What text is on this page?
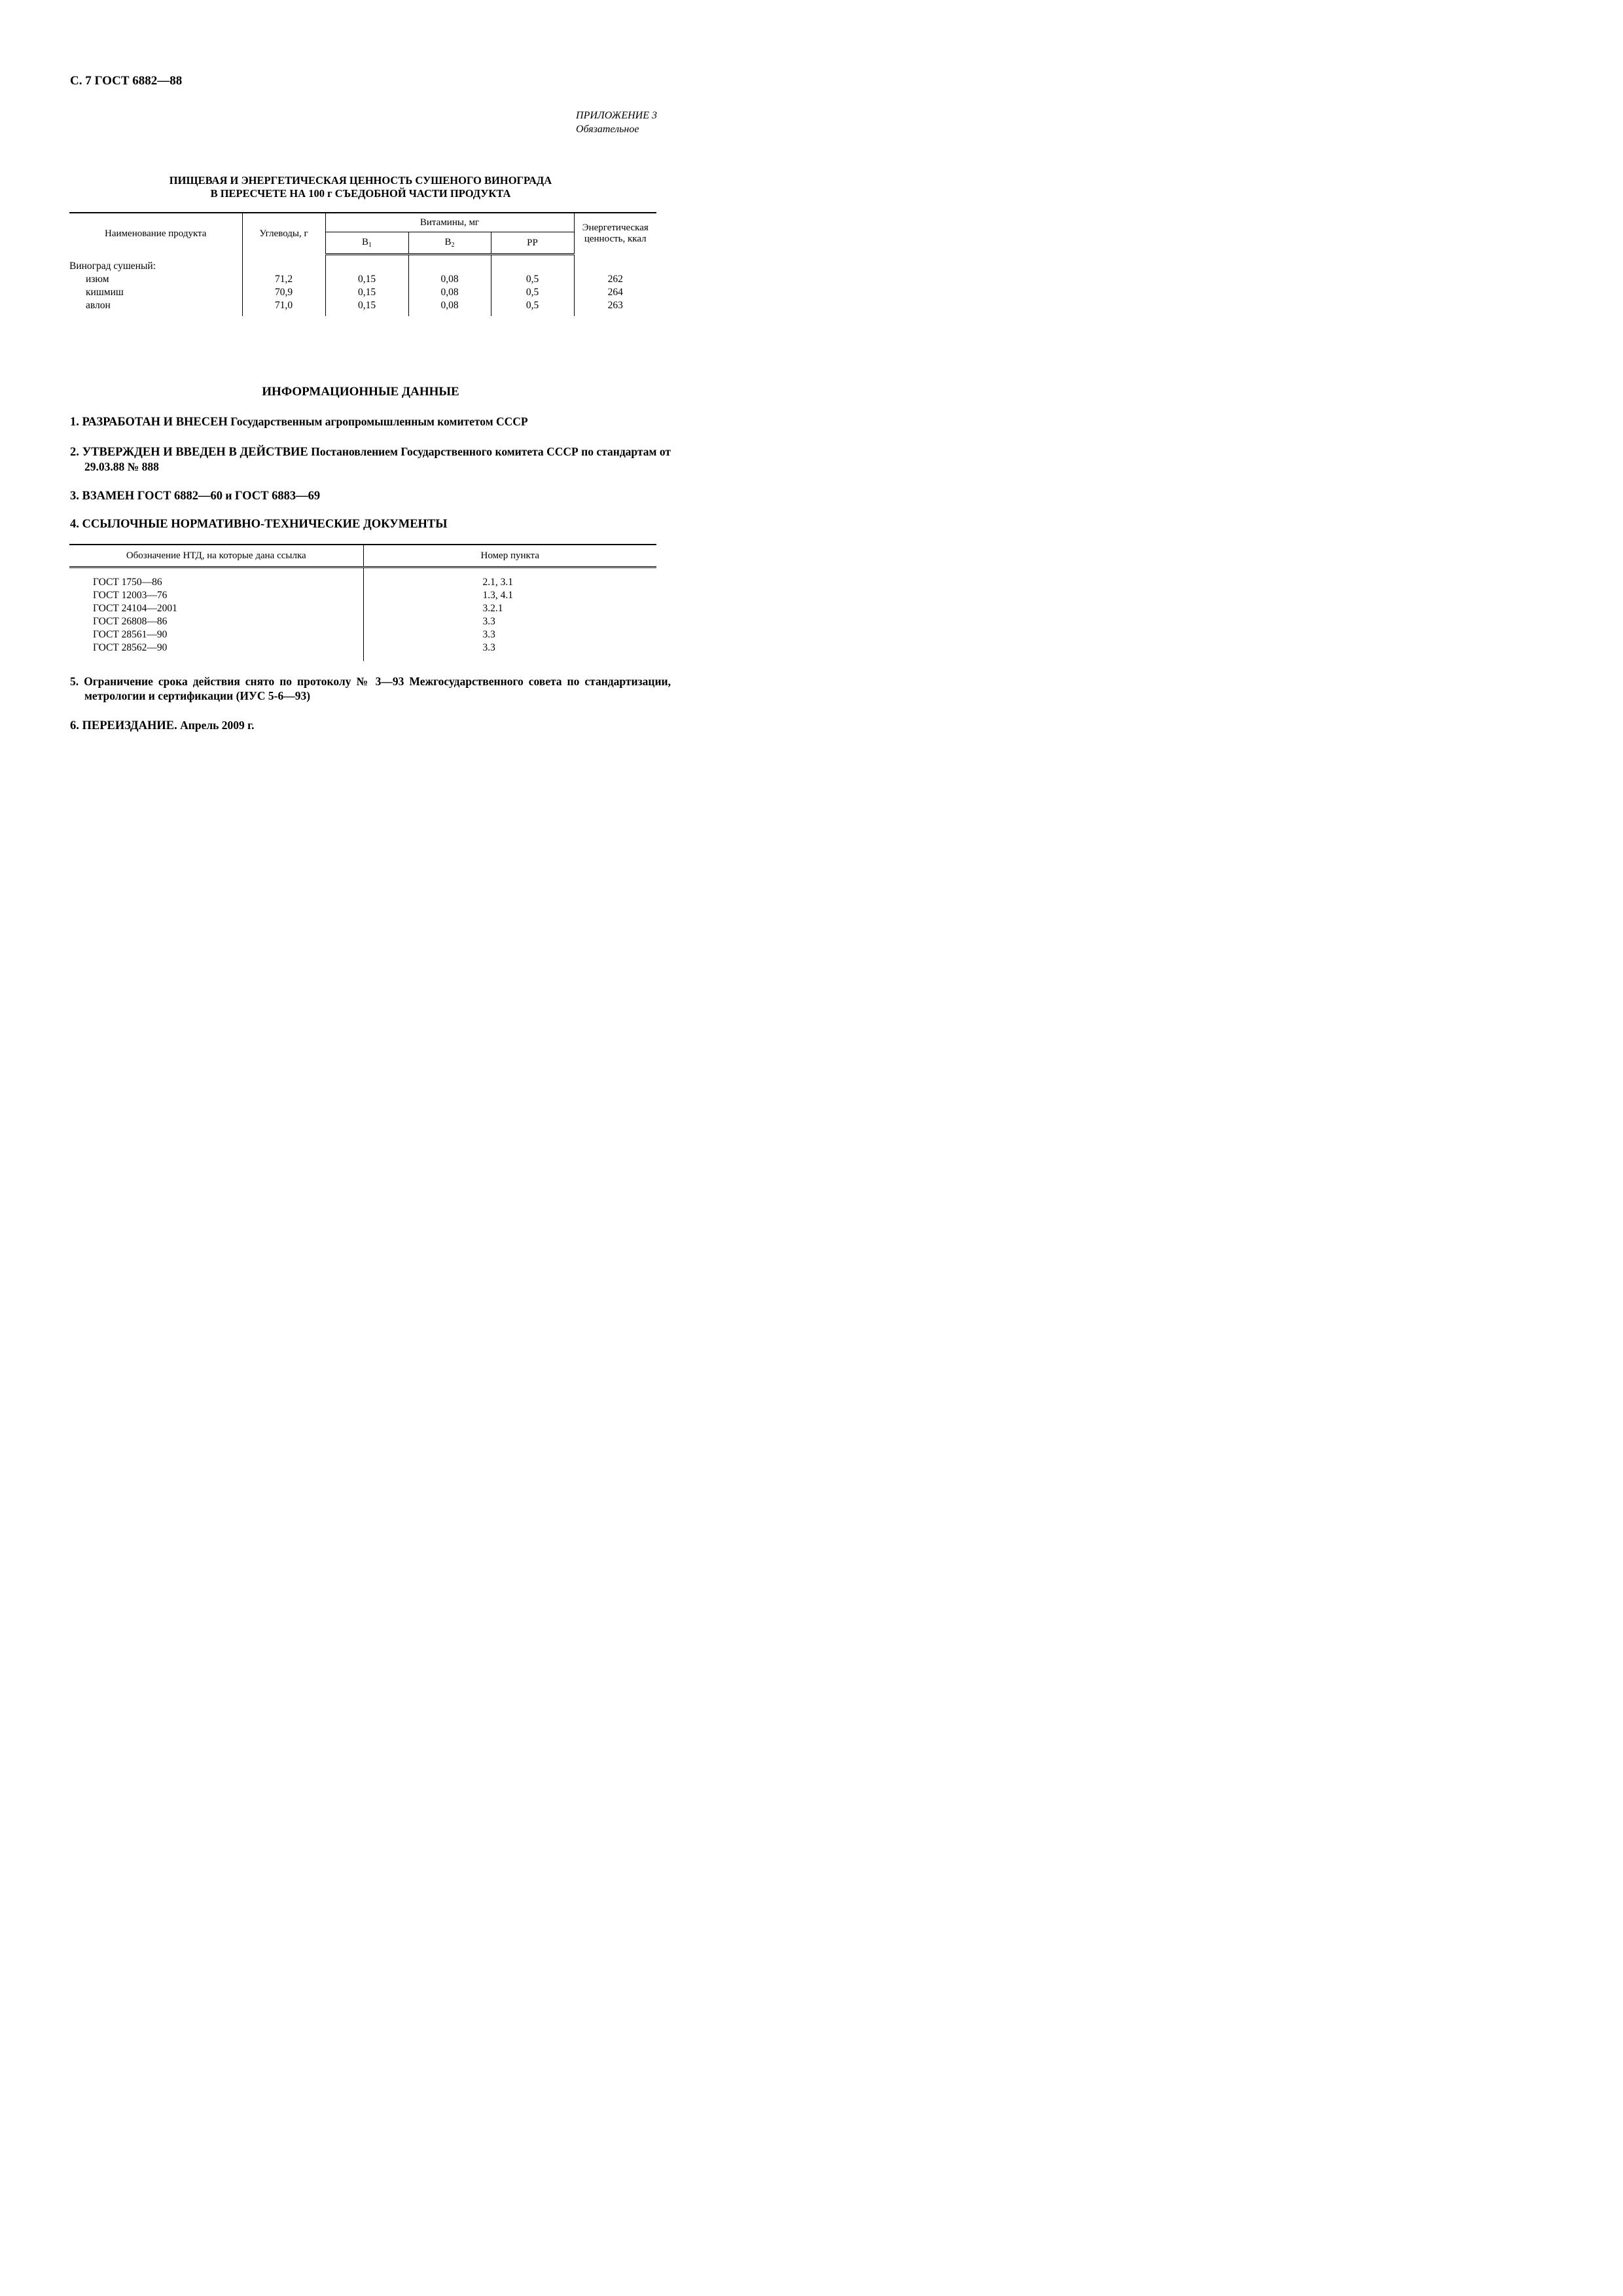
С. 7 ГОСТ 6882—88
ПРИЛОЖЕНИЕ 3
Обязательное
ПИЩЕВАЯ И ЭНЕРГЕТИЧЕСКАЯ ЦЕННОСТЬ СУШЕНОГО ВИНОГРАДА
В ПЕРЕСЧЕТЕ НА 100 г СЪЕДОБНОЙ ЧАСТИ ПРОДУКТА
Наименование продукта	Углеводы, г	Витамины, мг			Энергетическая
ценность, ккал

		$B_1$	$B_2$	PP	
Виноград сушеный:					
изюм	71,2	0,15	0,08	0,5	262
кишмиш	70,9	0,15	0,08	0,5	264
авлон	71,0	0,15	0,08	0,5	263
ИНФОРМАЦИОННЫЕ ДАННЫЕ
1. РАЗРАБОТАН И ВНЕСЕН Государственным агропромышленным комитетом СССР
2. УТВЕРЖДЕН И ВВЕДЕН В ДЕЙСТВИЕ Постановлением Государственного комитета СССР по стандартам от 29.03.88 № 888
3. ВЗАМЕН ГОСТ 6882—60 и ГОСТ 6883—69
4. ССЫЛОЧНЫЕ НОРМАТИВНО-ТЕХНИЧЕСКИЕ ДОКУМЕНТЫ
Обозначение НТД, на которые дана ссылка	Номер пункта
ГОСТ 1750—86	2.1, 3.1
ГОСТ 12003—76	1.3, 4.1
ГОСТ 24104—2001	3.2.1
ГОСТ 26808—86	3.3
ГОСТ 28561—90	3.3
ГОСТ 28562—90	3.3
5. Ограничение срока действия снято по протоколу № 3—93 Межгосударственного совета по стандартизации, метрологии и сертификации (ИУС 5-6—93)
6. ПЕРЕИЗДАНИЕ. Апрель 2009 г.
